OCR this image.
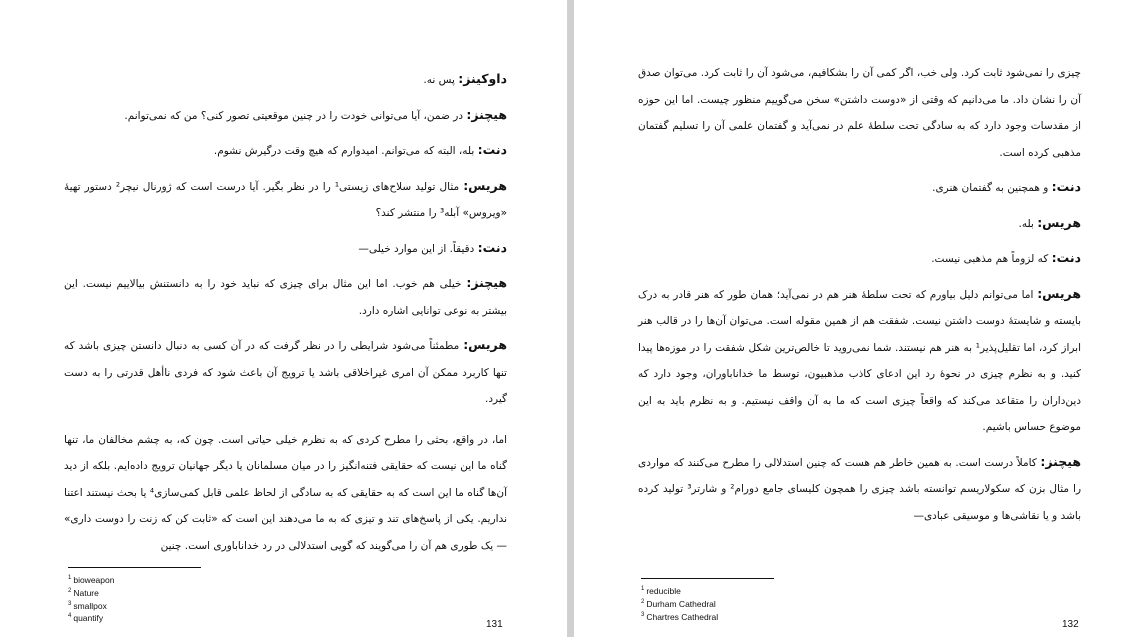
داوکینز: پس نه.

هیچنز: در ضمن، آیا می‌توانی خودت را در چنین موقعیتی تصور کنی؟ من که نمی‌توانم.

دنت: بله، البته که می‌توانم. امیدوارم که هیچ وقت درگیرش نشوم.

هریس: مثال تولید سلاح‌های زیستی¹ را در نظر بگیر. آیا درست است که ژورنال نیچر² دستور تهیهٔ «ویروس» آبله³ را منتشر کند؟

دنت: دقیقاً. از این موارد خیلی—

هیچنز: خیلی هم خوب. اما این مثال برای چیزی که نباید خود را به دانستنش بیالاییم نیست. این بیشتر به نوعی توانایی اشاره دارد.

هریس: مطمئناً می‌شود شرایطی را در نظر گرفت که در آن کسی به دنبال دانستن چیزی باشد که تنها کاربرد ممکن آن امری غیراخلاقی باشد یا ترویج آن باعث شود که فردی ناأهل قدرتی را به دست گیرد.

اما، در واقع، بحثی را مطرح کردی که به نظرم خیلی حیاتی است. چون که، به چشم مخالفان ما، تنها گناه ما این نیست که حقایقی فتنه‌انگیز را در میان مسلمانان یا دیگر جهانیان ترویج داده‌ایم. بلکه از دید آن‌ها گناه ما این است که به حقایقی که به سادگی از لحاظ علمی قابل کمی‌سازی⁴ یا بحث نیستند اعتنا نداریم. یکی از پاسخ‌های تند و تیزی که به ما می‌دهند این است که «ثابت کن که زنت را دوست داری» — یک طوری هم آن را می‌گویند که گویی استدلالی در رد خداناباوری است. چنین

$^1$ bioweapon
$^2$ Nature
$^3$ smallpox
$^4$ quantify
131

چیزی را نمی‌شود ثابت کرد. ولی خب، اگر کمی آن را بشکافیم، می‌شود آن را ثابت کرد. می‌توان صدق آن را نشان داد. ما می‌دانیم که وقتی از «دوست داشتن» سخن می‌گوییم منظور چیست. اما این حوزه از مقدسات وجود دارد که به سادگی تحت سلطهٔ علم در نمی‌آید و گفتمان علمی آن را تسلیم گفتمان مذهبی کرده است.

دنت: و همچنین به گفتمان هنری.

هریس: بله.

دنت: که لزوماً هم مذهبی نیست.

هریس: اما می‌توانم دلیل بیاورم که تحت سلطهٔ هنر هم در نمی‌آید؛ همان طور که هنر قادر به درک بایسته و شایستهٔ دوست داشتن نیست. شفقت هم از همین مقوله است. می‌توان آن‌ها را در قالب هنر ابراز کرد، اما تقلیل‌پذیر¹ به هنر هم نیستند. شما نمی‌روید تا خالص‌ترین شکل شفقت را در موزه‌ها پیدا کنید. و به نظرم چیزی در نحوهٔ رد این ادعای کاذب مذهبیون، توسط ما خداناباوران، وجود دارد که دین‌داران را متقاعد می‌کند که واقعاً چیزی است که ما به آن واقف نیستیم. و به نظرم باید به این موضوع حساس باشیم.

هیچنز: کاملاً درست است. به همین خاطر هم هست که چنین استدلالی را مطرح می‌کنند که مواردی را مثال بزن که سکولاریسم توانسته باشد چیزی را همچون کلیسای جامع دورام² و شارتر³ تولید کرده باشد و یا نقاشی‌ها و موسیقی عبادی—

$^1$ reducible
$^2$ Durham Cathedral
$^3$ Chartres Cathedral
132
